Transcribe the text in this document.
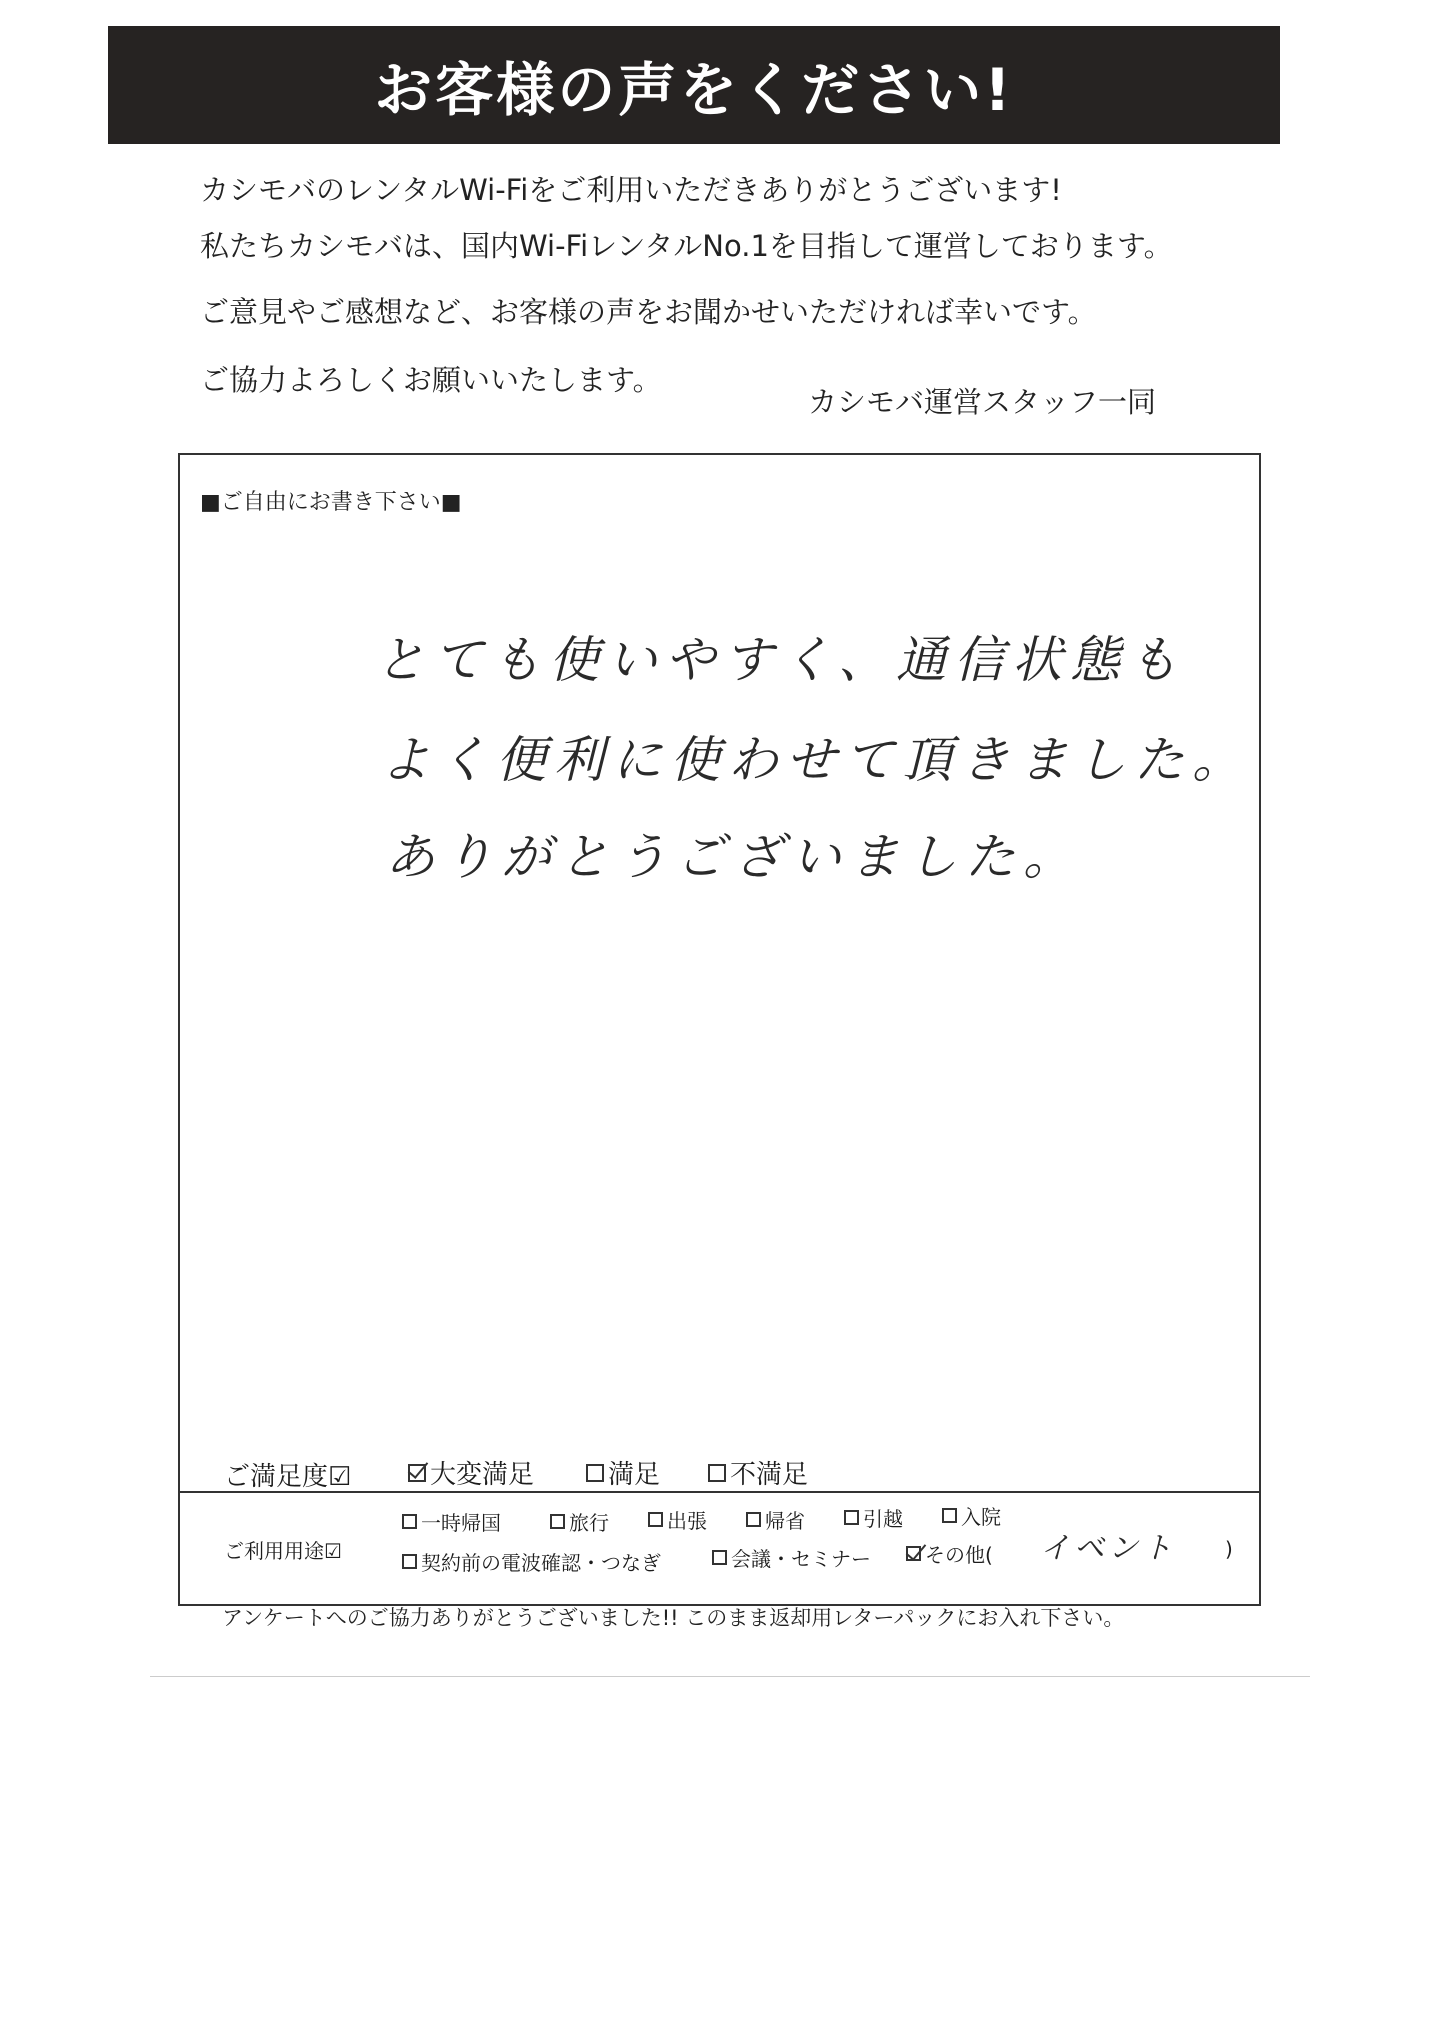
お客様の声をください!
カシモバのレンタルWi-Fiをご利用いただきありがとうございます!
私たちカシモバは、国内Wi-FiレンタルNo.1を目指して運営しております。
ご意見やご感想など、お客様の声をお聞かせいただければ幸いです。
ご協力よろしくお願いいたします。
カシモバ運営スタッフ一同
■ご自由にお書き下さい■
とても使いやすく、通信状態も
よく便利に使わせて頂きました。
ありがとうございました。
ご満足度☑	大変満足	満足	不満足
ご利用用途☑
一時帰国	旅行	出張	帰省	引越	入院
契約前の電波確認・つなぎ	会議・セミナー	その他( イベント )
アンケートへのご協力ありがとうございました!! このまま返却用レターパックにお入れ下さい。
